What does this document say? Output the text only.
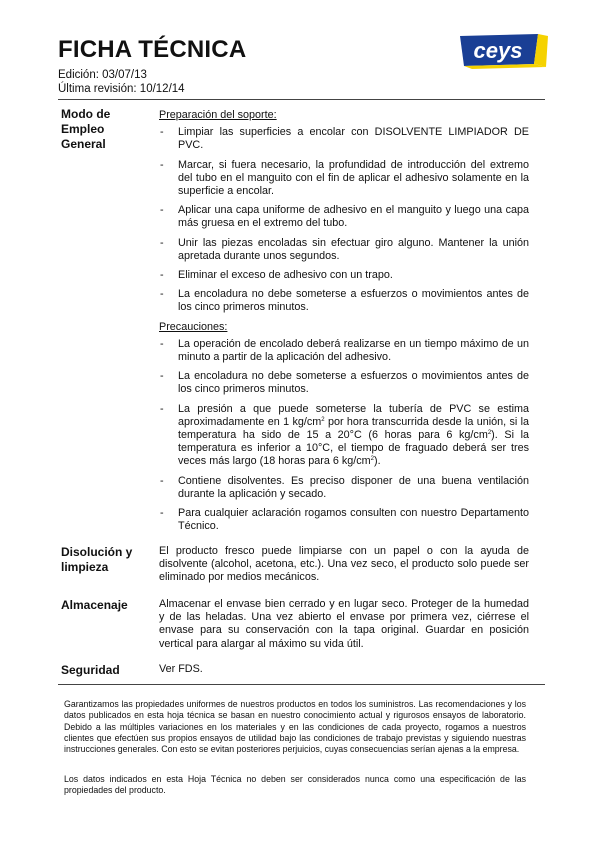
FICHA TÉCNICA
Edición: 03/07/13
Última revisión: 10/12/14
ceys
Modo de
Empleo
General
Preparación del soporte:
- Limpiar las superficies a encolar con DISOLVENTE LIMPIADOR DE PVC.
- Marcar, si fuera necesario, la profundidad de introducción del extremo del tubo en el manguito con el fin de aplicar el adhesivo solamente en la superficie a encolar.
- Aplicar una capa uniforme de adhesivo en el manguito y luego una capa más gruesa en el extremo del tubo.
- Unir las piezas encoladas sin efectuar giro alguno. Mantener la unión apretada durante unos segundos.
- Eliminar el exceso de adhesivo con un trapo.
- La encoladura no debe someterse a esfuerzos o movimientos antes de los cinco primeros minutos.
Precauciones:
- La operación de encolado deberá realizarse en un tiempo máximo de un minuto a partir de la aplicación del adhesivo.
- La encoladura no debe someterse a esfuerzos o movimientos antes de los cinco primeros minutos.
- La presión a que puede someterse la tubería de PVC se estima aproximadamente en 1 $kg/cm^2$ por hora transcurrida desde la unión, si la temperatura ha sido de 15 a 20°C (6 horas para 6 $kg/cm^2$). Si la temperatura es inferior a 10°C, el tiempo de fraguado deberá ser tres veces más largo (18 horas para 6 $kg/cm^2$).
- Contiene disolventes. Es preciso disponer de una buena ventilación durante la aplicación y secado.
- Para cualquier aclaración rogamos consulten con nuestro Departamento Técnico.
Disolución y
limpieza
El producto fresco puede limpiarse con un papel o con la ayuda de disolvente (alcohol, acetona, etc.). Una vez seco, el producto solo puede ser eliminado por medios mecánicos.
Almacenaje	Almacenar el envase bien cerrado y en lugar seco. Proteger de la humedad y de las heladas. Una vez abierto el envase por primera vez, ciérrese el envase para su conservación con la tapa original. Guardar en posición vertical para alargar al máximo su vida útil.
Seguridad	Ver FDS.
Garantizamos las propiedades uniformes de nuestros productos en todos los suministros. Las recomendaciones y los datos publicados en esta hoja técnica se basan en nuestro conocimiento actual y rigurosos ensayos de laboratorio. Debido a las múltiples variaciones en los materiales y en las condiciones de cada proyecto, rogamos a nuestros clientes que efectúen sus propios ensayos de utilidad bajo las condiciones de trabajo previstas y siguiendo nuestras instrucciones generales. Con esto se evitan posteriores perjuicios, cuyas consecuencias serían ajenas a la empresa.
Los datos indicados en esta Hoja Técnica no deben ser considerados nunca como una especificación de las propiedades del producto.
